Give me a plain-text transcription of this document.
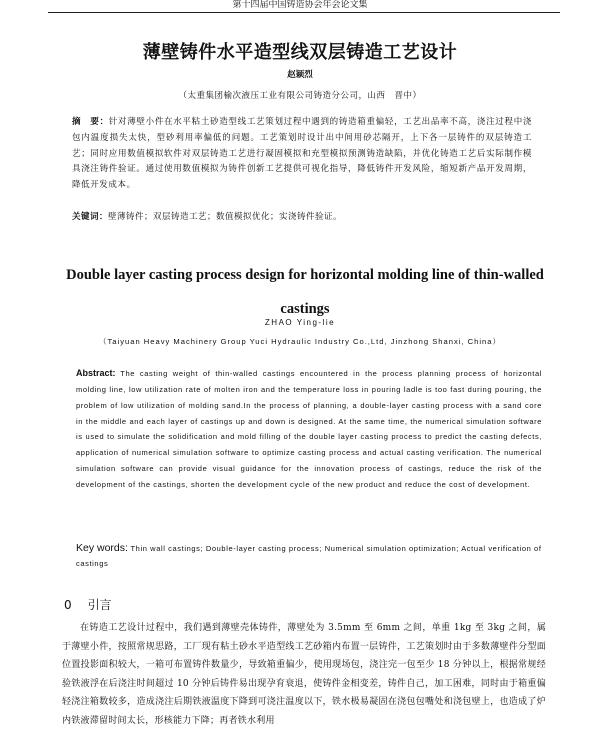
第十四届中国铸造协会年会论文集
薄壁铸件水平造型线双层铸造工艺设计
赵颖烈
（太重集团榆次液压工业有限公司铸造分公司，山西　晋中）
摘　要：针对薄壁小件在水平粘土砂造型线工艺策划过程中遇到的铸造箱重偏轻，工艺出品率不高，浇注过程中浇包内温度损失太快，型砂利用率偏低的问题。工艺策划时设计出中间用砂芯隔开，上下各一层铸件的双层铸造工艺；同时应用数值模拟软件对双层铸造工艺进行凝固模拟和充型模拟预测铸造缺陷，并优化铸造工艺后实际制作模具浇注铸件验证。通过使用数值模拟为铸件创新工艺提供可视化指导，降低铸件开发风险，缩短新产品开发周期，降低开发成本。
关键词：壁薄铸件；双层铸造工艺；数值模拟优化；实浇铸件验证。
Double layer casting process design for horizontal molding line of thin-walled castings
ZHAO Ying-lie
（Taiyuan Heavy Machinery Group Yuci Hydraulic Industry Co.,Ltd, Jinzhong Shanxi, China）
Abstract: The casting weight of thin-walled castings encountered in the process planning process of horizontal molding line, low utilization rate of molten iron and the temperature loss in pouring ladle is too fast during pouring, the problem of low utilization of molding sand.In the process of planning, a double-layer casting process with a sand core in the middle and each layer of castings up and down is designed. At the same time, the numerical simulation software is used to simulate the solidification and mold filling of the double layer casting process to predict the casting defects, application of numerical simulation software to optimize casting process and actual casting verification. The numerical simulation software can provide visual guidance for the innovation process of castings, reduce the risk of the development of the castings, shorten the development cycle of the new product and reduce the cost of development.
Key words: Thin wall castings; Double-layer casting process; Numerical simulation optimization; Actual verification of castings
0 引言
在铸造工艺设计过程中，我们遇到薄壁壳体铸件，薄壁处为 3.5mm 至 6mm 之间，单重 1kg 至 3kg 之间，属于薄壁小件，按照常规思路，工厂现有粘土砂水平造型线工艺砂箱内布置一层铸件，工艺策划时由于多数薄壁件分型面位置投影面积较大，一箱可布置铸件数量少，导致箱重偏少，使用现场包，浇注完一包至少 18 分钟以上，根据常规经验铁液浮在后浇注时间超过 10 分钟后铸件易出现孕育衰退，使铸件金相变差，铸件自己，加工困难，同时由于箱重偏轻浇注箱数较多，造成浇注后期铁液温度下降到可浇注温度以下，铁水极易凝固在浇包包嘴处和浇包壁上，也造成了炉内铁液滞留时间太长，形核能力下降；再者铁水利用
